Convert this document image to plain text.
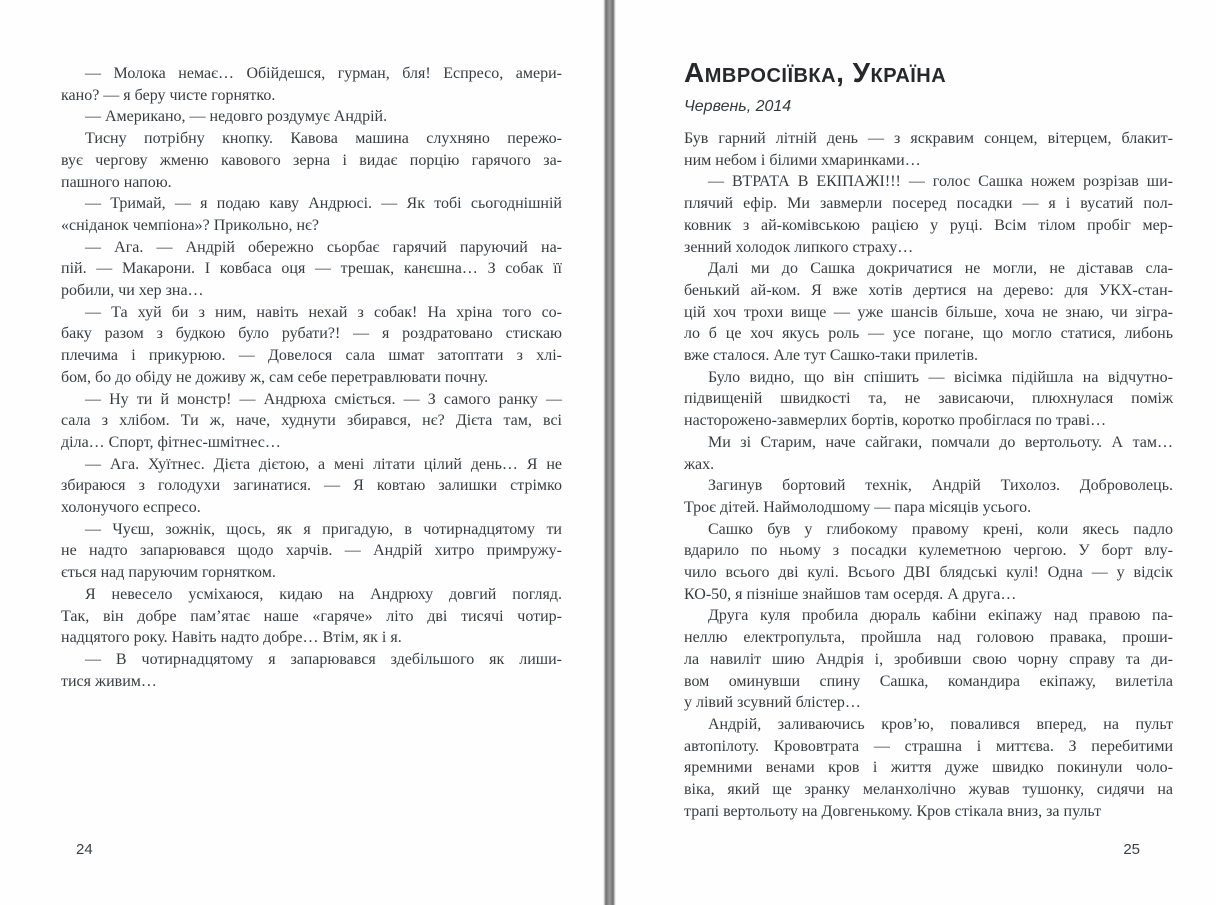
— Молока немає… Обійдешся, гурман, бля! Еспресо, амери-
кано? — я беру чисте горнятко.
— Американо, — недовго роздумує Андрій.
Тисну потрібну кнопку. Кавова машина слухняно пережо-
вує чергову жменю кавового зерна і видає порцію гарячого за-
пашного напою.
— Тримай, — я подаю каву Андрюсі. — Як тобі сьогоднішній
«сніданок чемпіона»? Прикольно, нє?
— Ага. — Андрій обережно сьорбає гарячий паруючий на-
пій. — Макарони. І ковбаса оця — трешак, канєшна… З собак її
робили, чи хер зна…
— Та хуй би з ним, навіть нехай з собак! На хріна того со-
баку разом з будкою було рубати?! — я роздратовано стискаю
плечима і прикурюю. — Довелося сала шмат затоптати з хлі-
бом, бо до обіду не доживу ж, сам себе перетравлювати почну.
— Ну ти й монстр! — Андрюха сміється. — З самого ранку —
сала з хлібом. Ти ж, наче, худнути збирався, нє? Дієта там, всі
діла… Спорт, фітнес-шмітнес…
— Ага. Хуїтнес. Дієта дієтою, а мені літати цілий день… Я не
збираюся з голодухи загинатися. — Я ковтаю залишки стрімко
холонучого еспресо.
— Чуєш, зожнік, щось, як я пригадую, в чотирнадцятому ти
не надто запарювався щодо харчів. — Андрій хитро примружу-
ється над паруючим горнятком.
Я невесело усміхаюся, кидаю на Андрюху довгий погляд.
Так, він добре пам’ятає наше «гаряче» літо дві тисячі чотир-
надцятого року. Навіть надто добре… Втім, як і я.
— В чотирнадцятому я запарювався здебільшого як лиши-
тися живим…
24
Амвросіївка, Україна
Червень, 2014
Був гарний літній день — з яскравим сонцем, вітерцем, блакит-
ним небом і білими хмаринками…
— ВТРАТА В ЕКІПАЖІ!!! — голос Сашка ножем розрізав ши-
плячий ефір. Ми завмерли посеред посадки — я і вусатий пол-
ковник з ай-комівською рацією у руці. Всім тілом пробіг мер-
зенний холодок липкого страху…
Далі ми до Сашка докричатися не могли, не діставав сла-
бенький ай-ком. Я вже хотів дертися на дерево: для УКХ-стан-
цій хоч трохи вище — уже шансів більше, хоча не знаю, чи зігра-
ло б це хоч якусь роль — усе погане, що могло статися, либонь
вже сталося. Але тут Сашко-таки прилетів.
Було видно, що він спішить — вісімка підійшла на відчутно-
підвищеній швидкості та, не зависаючи, плюхнулася поміж
насторожено-завмерлих бортів, коротко пробіглася по траві…
Ми зі Старим, наче сайгаки, помчали до вертольоту. А там…
жах.
Загинув бортовий технік, Андрій Тихолоз. Доброволець.
Троє дітей. Наймолодшому — пара місяців усього.
Сашко був у глибокому правому крені, коли якесь падло
вдарило по ньому з посадки кулеметною чергою. У борт влу-
чило всього дві кулі. Всього ДВІ блядські кулі! Одна — у відсік
КО-50, я пізніше знайшов там осердя. А друга…
Друга куля пробила дюраль кабіни екіпажу над правою па-
неллю електропульта, пройшла над головою правака, проши-
ла навиліт шию Андрія і, зробивши свою чорну справу та ди-
вом оминувши спину Сашка, командира екіпажу, вилетіла
у лівий зсувний блістер…
Андрій, заливаючись кров’ю, повалився вперед, на пульт
автопілоту. Крововтрата — страшна і миттєва. З перебитими
яремними венами кров і життя дуже швидко покинули чоло-
віка, який ще зранку меланхолічно жував тушонку, сидячи на
трапі вертольоту на Довгенькому. Кров стікала вниз, за пульт
25
